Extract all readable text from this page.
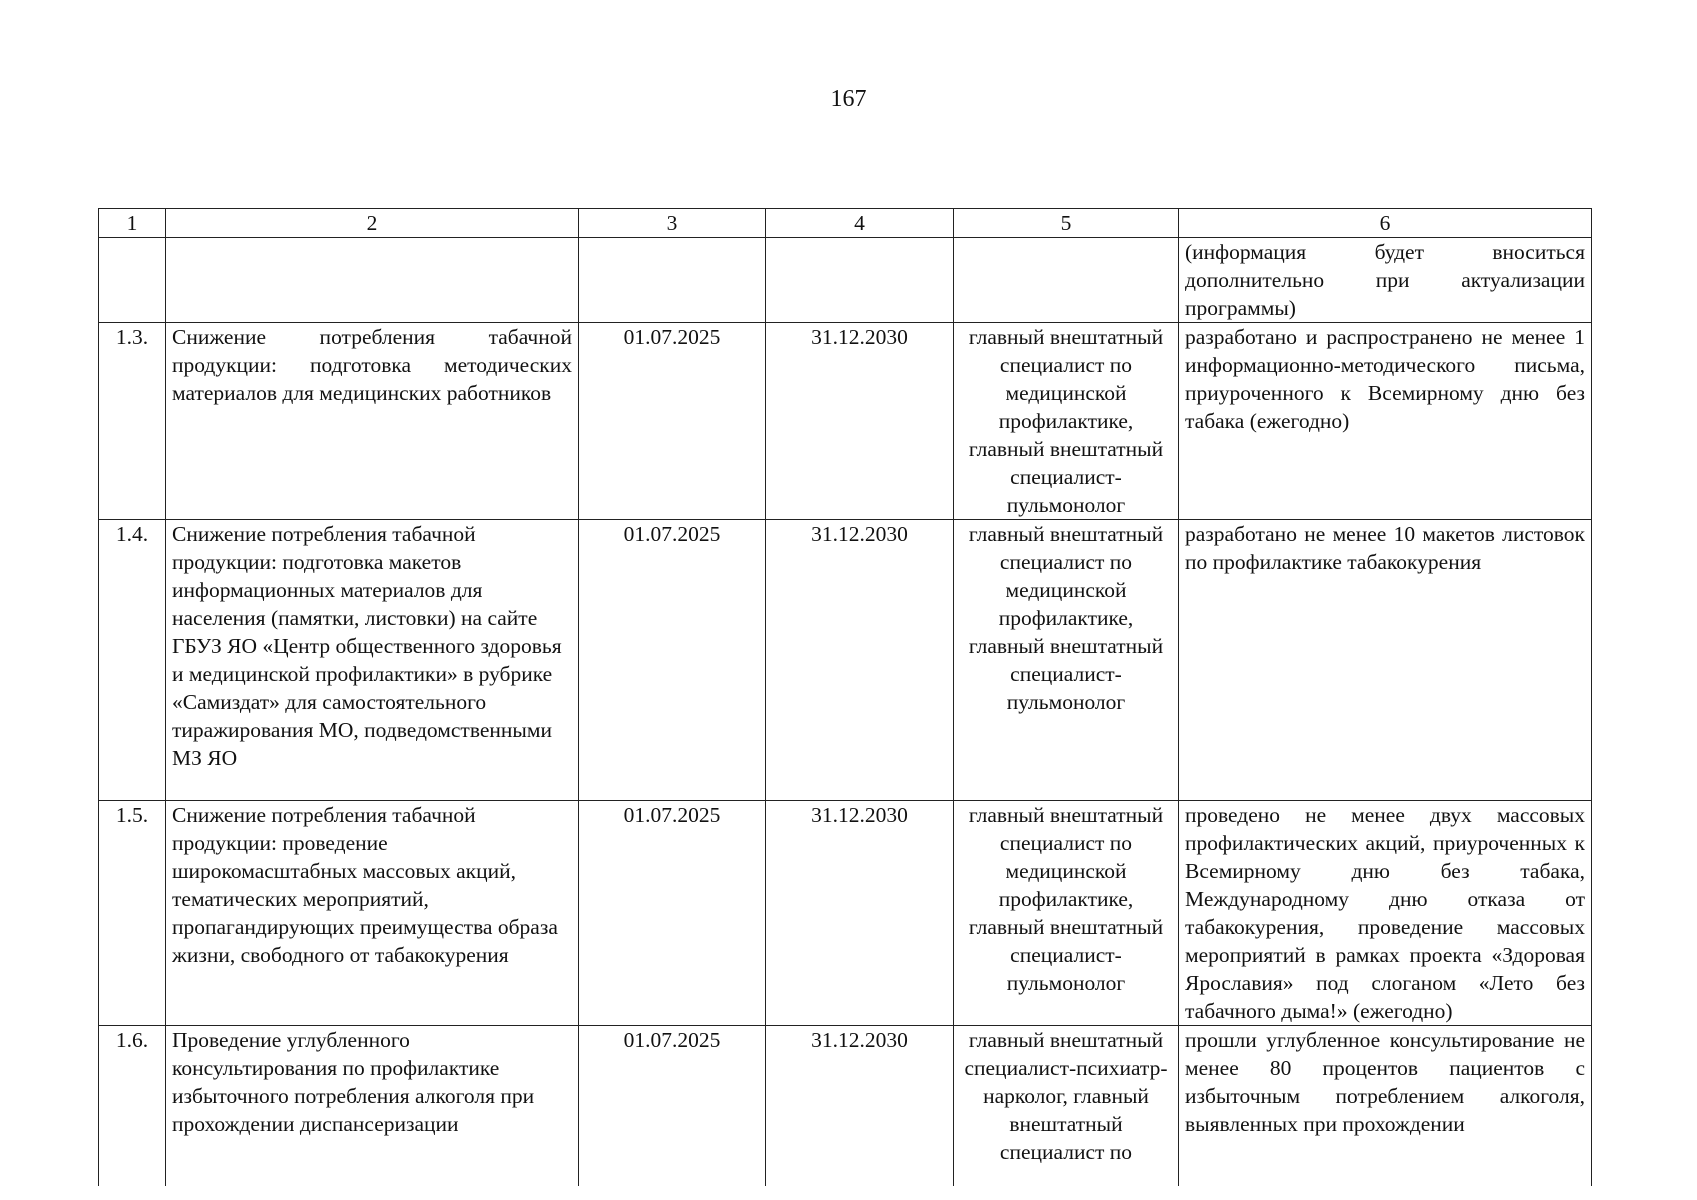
167
1	2	3	4	5	6
					(информация будет вноситься дополнительно при актуализации программы)
1.3.	Снижение потребления табачной продукции: подготовка методических материалов для медицинских работников	01.07.2025	31.12.2030	главный внештатный специалист по медицинской профилактике, главный внештатный специалист-пульмонолог	разработано и распространено не менее 1 информационно-методического письма, приуроченного к Всемирному дню без табака (ежегодно)
1.4.	Снижение потребления табачной продукции: подготовка макетов информационных материалов для населения (памятки, листовки) на сайте ГБУЗ ЯО «Центр общественного здоровья и медицинской профилактики» в рубрике «Самиздат» для самостоятельного тиражирования МО, подведомственными МЗ ЯО	01.07.2025	31.12.2030	главный внештатный специалист по медицинской профилактике, главный внештатный специалист-пульмонолог	разработано не менее 10 макетов листовок по профилактике табакокурения
1.5.	Снижение потребления табачной продукции: проведение широкомасштабных массовых акций, тематических мероприятий, пропагандирующих преимущества образа жизни, свободного от табакокурения	01.07.2025	31.12.2030	главный внештатный специалист по медицинской профилактике, главный внештатный специалист-пульмонолог	проведено не менее двух массовых профилактических акций, приуроченных к Всемирному дню без табака, Международному дню отказа от табакокурения, проведение массовых мероприятий в рамках проекта «Здоровая Ярославия» под слоганом «Лето без табачного дыма!» (ежегодно)
1.6.	Проведение углубленного консультирования по профилактике избыточного потребления алкоголя при прохождении диспансеризации	01.07.2025	31.12.2030	главный внештатный специалист-психиатр-нарколог, главный внештатный специалист по	прошли углубленное консультирование не менее 80 процентов пациентов с избыточным потреблением алкоголя, выявленных при прохождении
